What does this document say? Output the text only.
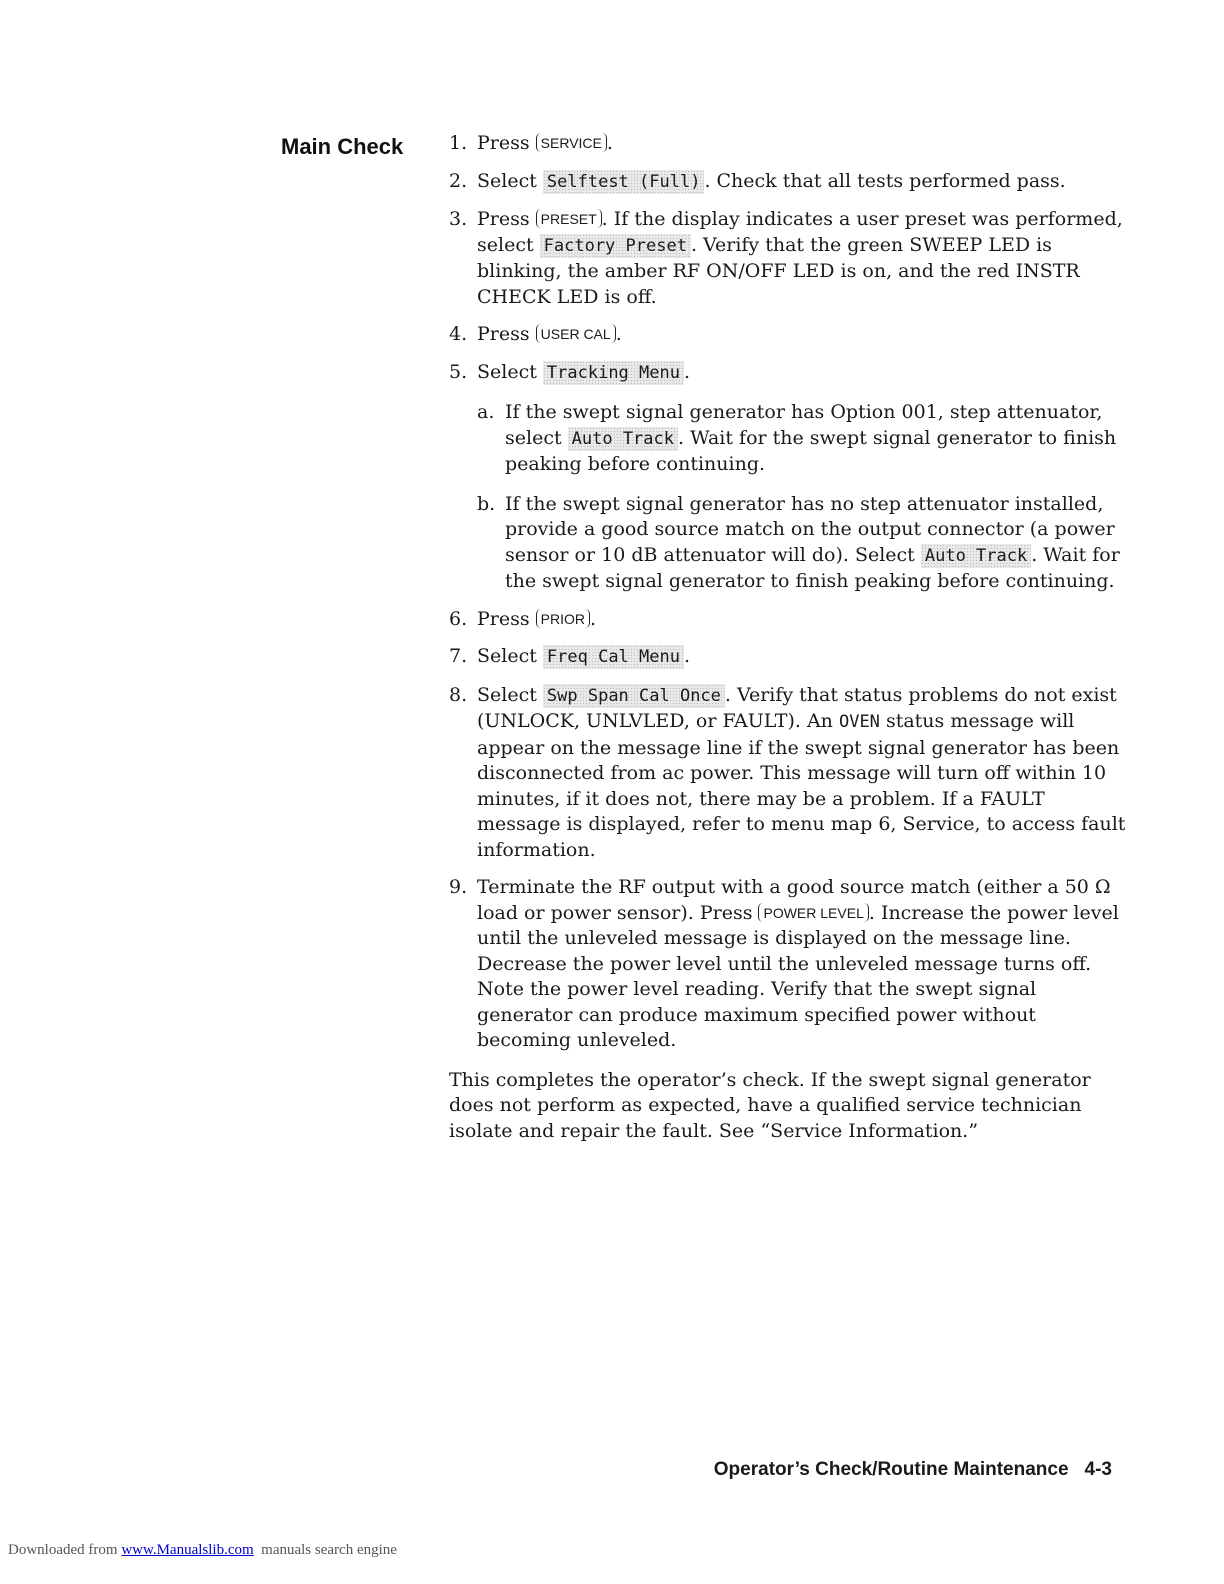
Main Check 1. Press SERVICE .
2. Select Selftest (Full) . Check that all tests performed pass.
3. Press PRESET . If the display indicates a user preset was performed, select Factory Preset . Verify that the green SWEEP LED is blinking, the amber RF ON/OFF LED is on, and the red INSTR CHECK LED is off.
4. Press USER CAL .
5. Select Tracking Menu .
a. If the swept signal generator has Option 001, step attenuator, select Auto Track . Wait for the swept signal generator to finish peaking before continuing.
b. If the swept signal generator has no step attenuator installed, provide a good source match on the output connector (a power sensor or 10 dB attenuator will do). Select Auto Track . Wait for the swept signal generator to finish peaking before continuing.
6. Press PRIOR .
7. Select Freq Cal Menu .
8. Select Swp Span Cal Once . Verify that status problems do not exist (UNLOCK, UNLVLED, or FAULT). An OVEN status message will appear on the message line if the swept signal generator has been disconnected from ac power. This message will turn off within 10 minutes, if it does not, there may be a problem. If a FAULT message is displayed, refer to menu map 6, Service, to access fault information.
9. Terminate the RF output with a good source match (either a 50 Ω load or power sensor). Press POWER LEVEL . Increase the power level until the unleveled message is displayed on the message line. Decrease the power level until the unleveled message turns off. Note the power level reading. Verify that the swept signal generator can produce maximum specified power without becoming unleveled.
This completes the operator’s check. If the swept signal generator does not perform as expected, have a qualified service technician isolate and repair the fault. See “Service Information.”
Operator’s Check/Routine Maintenance 4-3
Downloaded from www.Manualslib.com  manuals search engine
